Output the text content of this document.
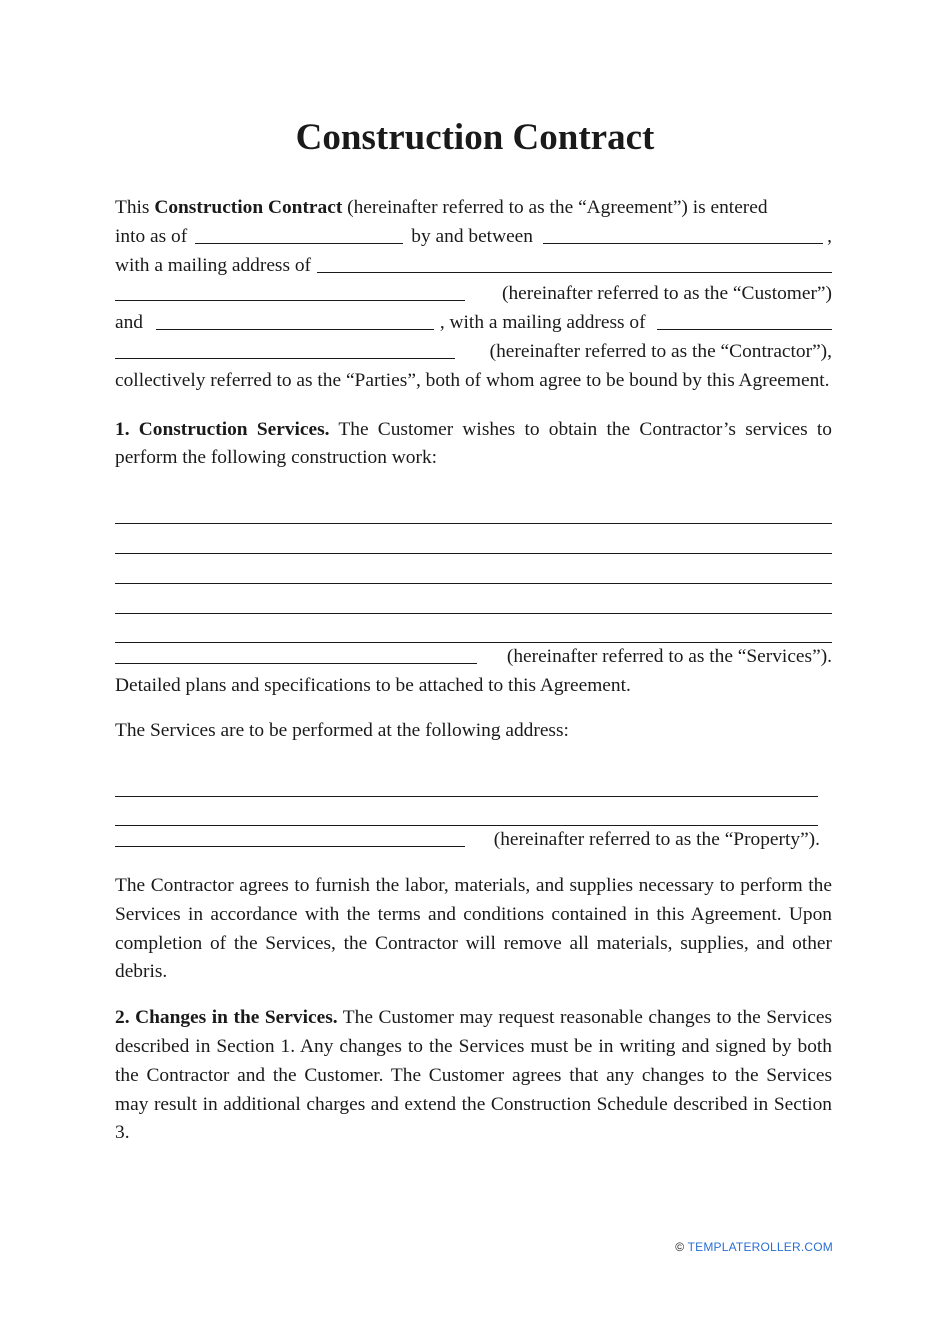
Construction Contract
This Construction Contract (hereinafter referred to as the “Agreement”) is entered
into as of	by and between	,
with a mailing address of
(hereinafter referred to as the “Customer”)
and	, with a mailing address of
(hereinafter referred to as the “Contractor”),

collectively referred to as the “Parties”, both of whom agree to be bound by this Agreement.

1. Construction Services. The Customer wishes to obtain the Contractor’s services to perform the following construction work:

(hereinafter referred to as the “Services”).

Detailed plans and specifications to be attached to this Agreement.

The Services are to be performed at the following address:

(hereinafter referred to as the “Property”).

The Contractor agrees to furnish the labor, materials, and supplies necessary to perform the Services in accordance with the terms and conditions contained in this Agreement. Upon completion of the Services, the Contractor will remove all materials, supplies, and other debris.

2. Changes in the Services. The Customer may request reasonable changes to the Services described in Section 1. Any changes to the Services must be in writing and signed by both the Contractor and the Customer. The Customer agrees that any changes to the Services may result in additional charges and extend the Construction Schedule described in Section 3.

© TEMPLATEROLLER.COM
